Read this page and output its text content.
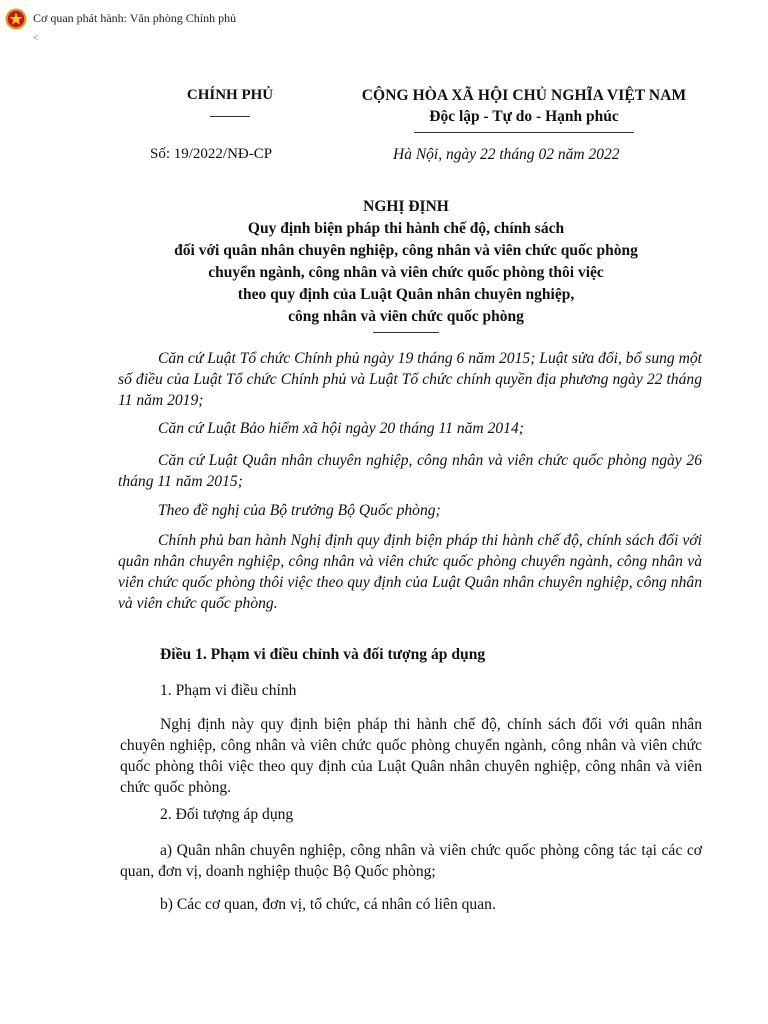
Cơ quan phát hành: Văn phòng Chính phủ
˂
CHÍNH PHỦ	CỘNG HÒA XÃ HỘI CHỦ NGHĨA VIỆT NAM
Độc lập - Tự do - Hạnh phúc
Số: 19/2022/NĐ-CP	Hà Nội, ngày 22 tháng 02 năm 2022
NGHỊ ĐỊNH
Quy định biện pháp thi hành chế độ, chính sách
đối với quân nhân chuyên nghiệp, công nhân và viên chức quốc phòng
chuyển ngành, công nhân và viên chức quốc phòng thôi việc
theo quy định của Luật Quân nhân chuyên nghiệp,
công nhân và viên chức quốc phòng
Căn cứ Luật Tổ chức Chính phủ ngày 19 tháng 6 năm 2015; Luật sửa đổi, bổ sung một số điều của Luật Tổ chức Chính phủ và Luật Tổ chức chính quyền địa phương ngày 22 tháng 11 năm 2019;
Căn cứ Luật Bảo hiểm xã hội ngày 20 tháng 11 năm 2014;
Căn cứ Luật Quân nhân chuyên nghiệp, công nhân và viên chức quốc phòng ngày 26 tháng 11 năm 2015;
Theo đề nghị của Bộ trưởng Bộ Quốc phòng;
Chính phủ ban hành Nghị định quy định biện pháp thi hành chế độ, chính sách đối với quân nhân chuyên nghiệp, công nhân và viên chức quốc phòng chuyển ngành, công nhân và viên chức quốc phòng thôi việc theo quy định của Luật Quân nhân chuyên nghiệp, công nhân và viên chức quốc phòng.
Điều 1. Phạm vi điều chỉnh và đối tượng áp dụng
1. Phạm vi điều chỉnh
Nghị định này quy định biện pháp thi hành chế độ, chính sách đối với quân nhân chuyên nghiệp, công nhân và viên chức quốc phòng chuyển ngành, công nhân và viên chức quốc phòng thôi việc theo quy định của Luật Quân nhân chuyên nghiệp, công nhân và viên chức quốc phòng.
2. Đối tượng áp dụng
a) Quân nhân chuyên nghiệp, công nhân và viên chức quốc phòng công tác tại các cơ quan, đơn vị, doanh nghiệp thuộc Bộ Quốc phòng;
b) Các cơ quan, đơn vị, tổ chức, cá nhân có liên quan.
